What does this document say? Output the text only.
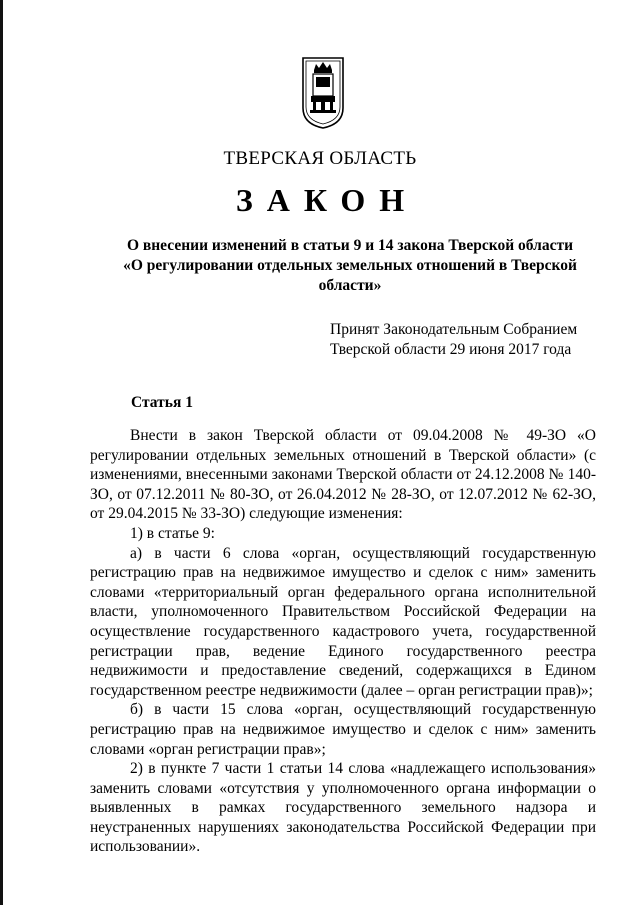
ТВЕРСКАЯ ОБЛАСТЬ
ЗАКОН
О внесении изменений в статьи 9 и 14 закона Тверской области «О регулировании отдельных земельных отношений в Тверской области»
Принят Законодательным Собранием
Тверской области 29 июня 2017 года
Статья 1

Внести в закон Тверской области от 09.04.2008 № 49-ЗО «О регулировании отдельных земельных отношений в Тверской области» (с изменениями, внесенными законами Тверской области от 24.12.2008 № 140-ЗО, от 07.12.2011 № 80-ЗО, от 26.04.2012 № 28-ЗО, от 12.07.2012 № 62-ЗО, от 29.04.2015 № 33-ЗО) следующие изменения:

1) в статье 9:

а) в части 6 слова «орган, осуществляющий государственную регистрацию прав на недвижимое имущество и сделок с ним» заменить словами «территориальный орган федерального органа исполнительной власти, уполномоченного Правительством Российской Федерации на осуществление государственного кадастрового учета, государственной регистрации прав, ведение Единого государственного реестра недвижимости и предоставление сведений, содержащихся в Едином государственном реестре недвижимости (далее – орган регистрации прав)»;

б) в части 15 слова «орган, осуществляющий государственную регистрацию прав на недвижимое имущество и сделок с ним» заменить словами «орган регистрации прав»;

2) в пункте 7 части 1 статьи 14 слова «надлежащего использования» заменить словами «отсутствия у уполномоченного органа информации о выявленных в рамках государственного земельного надзора и неустраненных нарушениях законодательства Российской Федерации при использовании».
